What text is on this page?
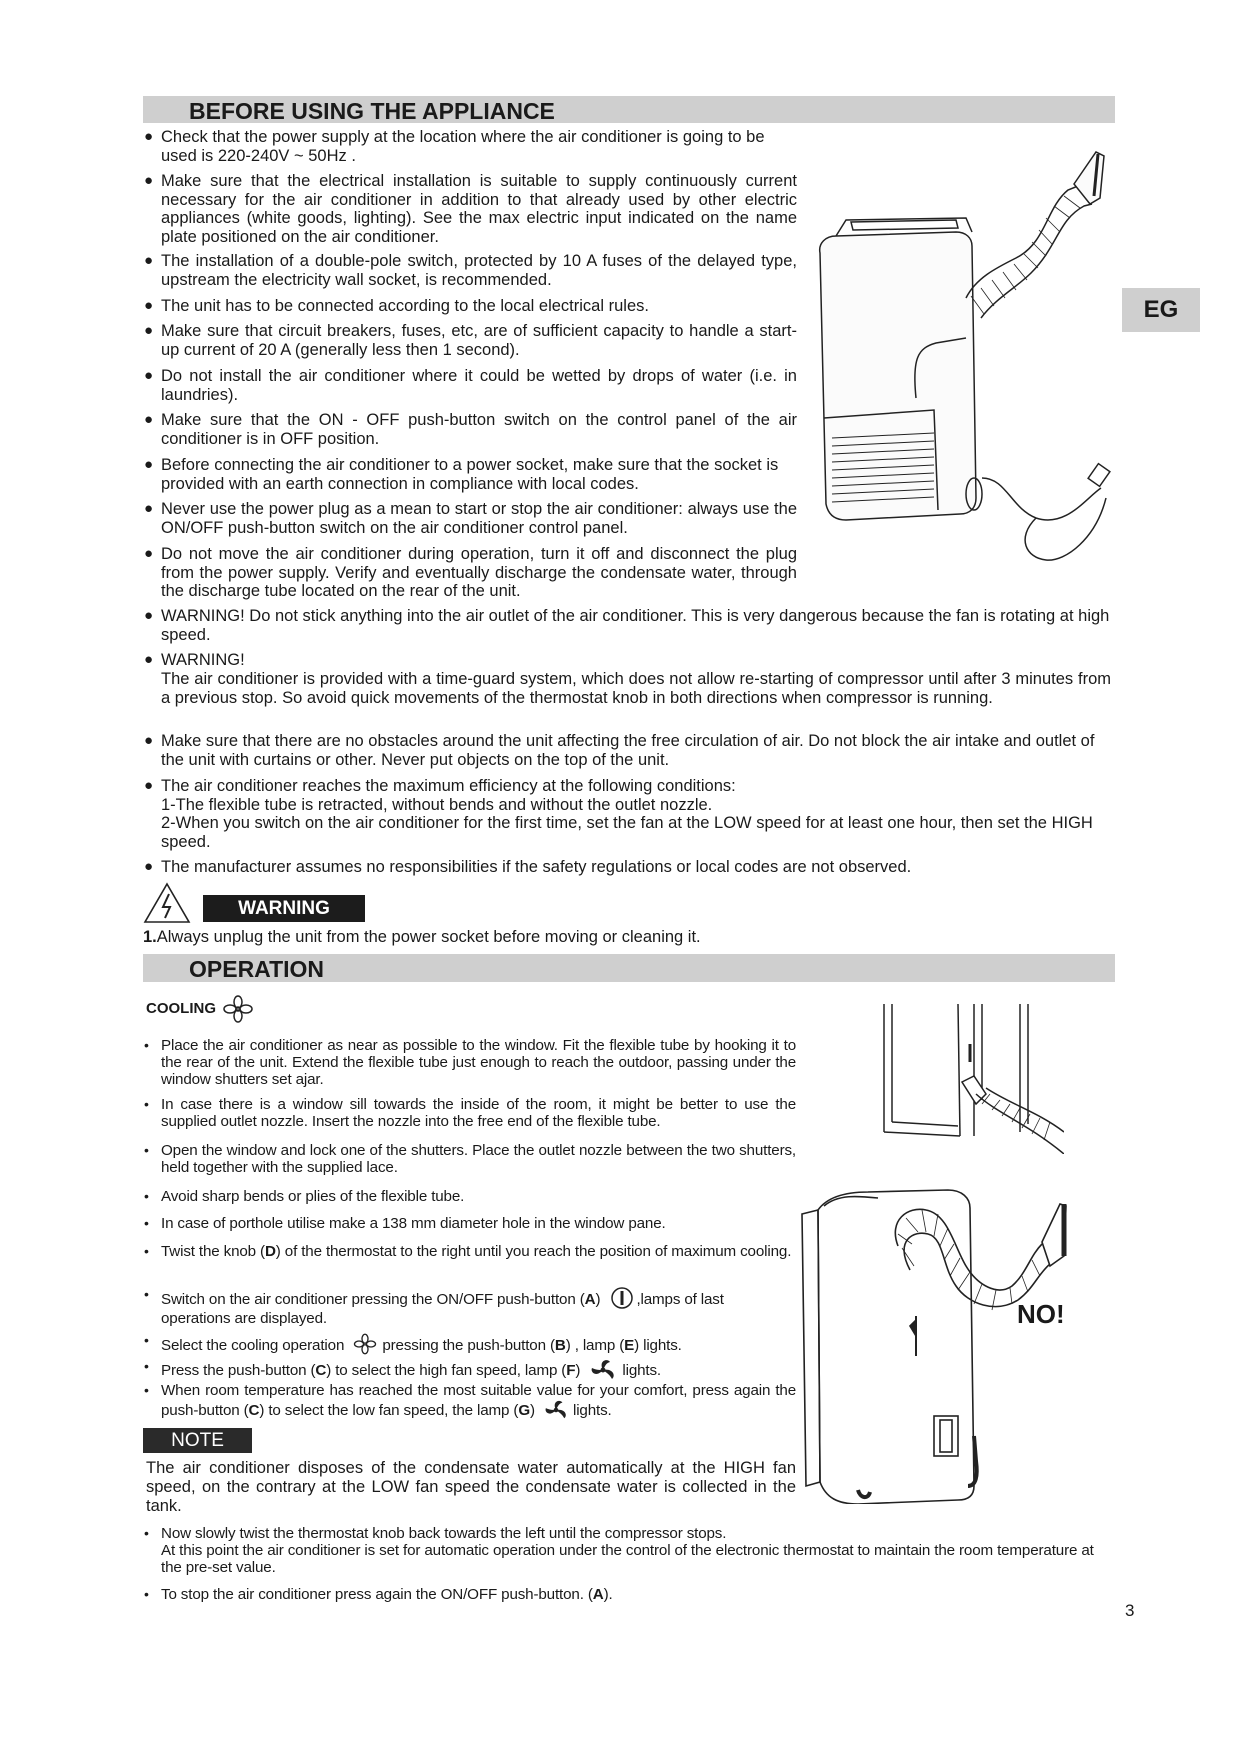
BEFORE USING THE APPLIANCE
EG
● Check that the power supply at the location where the air conditioner is going to be used is 220-240V ~ 50Hz .
● Make sure that the electrical installation is suitable to supply continuously current necessary for the air conditioner in addition to that already used by other electric appliances (white goods, lighting). See the max electric input indicated on the name plate positioned on the air conditioner.
● The installation of a double-pole switch, protected by 10 A fuses of the delayed type, upstream the electricity wall socket, is recommended.
● The unit has to be connected according to the local electrical rules.
● Make sure that circuit breakers, fuses, etc, are of sufficient capacity to handle a start-up current of 20 A (generally less then 1 second).
● Do not install the air conditioner where it could be wetted by drops of water (i.e. in laundries).
● Make sure that the ON - OFF push-button switch on the control panel of the air conditioner is in OFF position.
● Before connecting the air conditioner to a power socket, make sure that the socket is provided with an earth connection in compliance with local codes.
● Never use the power plug as a mean to start or stop the air conditioner: always use the ON/OFF push-button switch on the air conditioner control panel.
● Do not move the air conditioner during operation, turn it off and disconnect the plug from the power supply. Verify and eventually discharge the condensate water, through the discharge tube located on the rear of the unit.
● WARNING! Do not stick anything into the air outlet of the air conditioner. This is very dangerous because the fan is rotating at high speed.
● WARNING!
The air conditioner is provided with a time-guard system, which does not allow re-starting of compressor until after 3 minutes from a previous stop. So avoid quick movements of the thermostat knob in both directions when compressor is running.
● Make sure that there are no obstacles around the unit affecting the free circulation of air. Do not block the air intake and outlet of the unit with curtains or other. Never put objects on the top of the unit.
● The air conditioner reaches the maximum efficiency at the following conditions:
1-The flexible tube is retracted, without bends and without the outlet nozzle.
2-When you switch on the air conditioner for the first time, set the fan at the LOW speed for at least one hour, then set the HIGH speed.
● The manufacturer assumes no responsibilities if the safety regulations or local codes are not observed.
WARNING
1.Always unplug the unit from the power socket before moving or cleaning it.
OPERATION
COOLING
• Place the air conditioner as near as possible to the window. Fit the flexible tube by hooking it to the rear of the unit. Extend the flexible tube just enough to reach the outdoor, passing under the window shutters set ajar.
• In case there is a window sill towards the inside of the room, it might be better to use the supplied outlet nozzle. Insert the nozzle into the free end of the flexible tube.
• Open the window and lock one of the shutters. Place the outlet nozzle between the two shutters, held together with the supplied lace.
• Avoid sharp bends or plies of the flexible tube.
• In case of porthole utilise make a 138 mm diameter hole in the window pane.
• Twist the knob (D) of the thermostat to the right until you reach the position of maximum cooling.
• Switch on the air conditioner pressing the ON/OFF push-button (A) ,lamps of last operations are displayed.
• Select the cooling operation	pressing the push-button (B) , lamp (E) lights.
• Press the push-button (C) to select the high fan speed, lamp (F)	lights.
• When room temperature has reached the most suitable value for your comfort, press again the push-button (C) to select the low fan speed, the lamp (G)	lights.
NOTE
The air conditioner disposes of the condensate water automatically at the HIGH fan speed, on the contrary at the LOW fan speed the condensate water is collected in the tank.
• Now slowly twist the thermostat knob back towards the left until the compressor stops.
At this point the air conditioner is set for automatic operation under the control of the electronic thermostat to maintain the room temperature at the pre-set value.
• To stop the air conditioner press again the ON/OFF push-button. (A).
3
NO!
